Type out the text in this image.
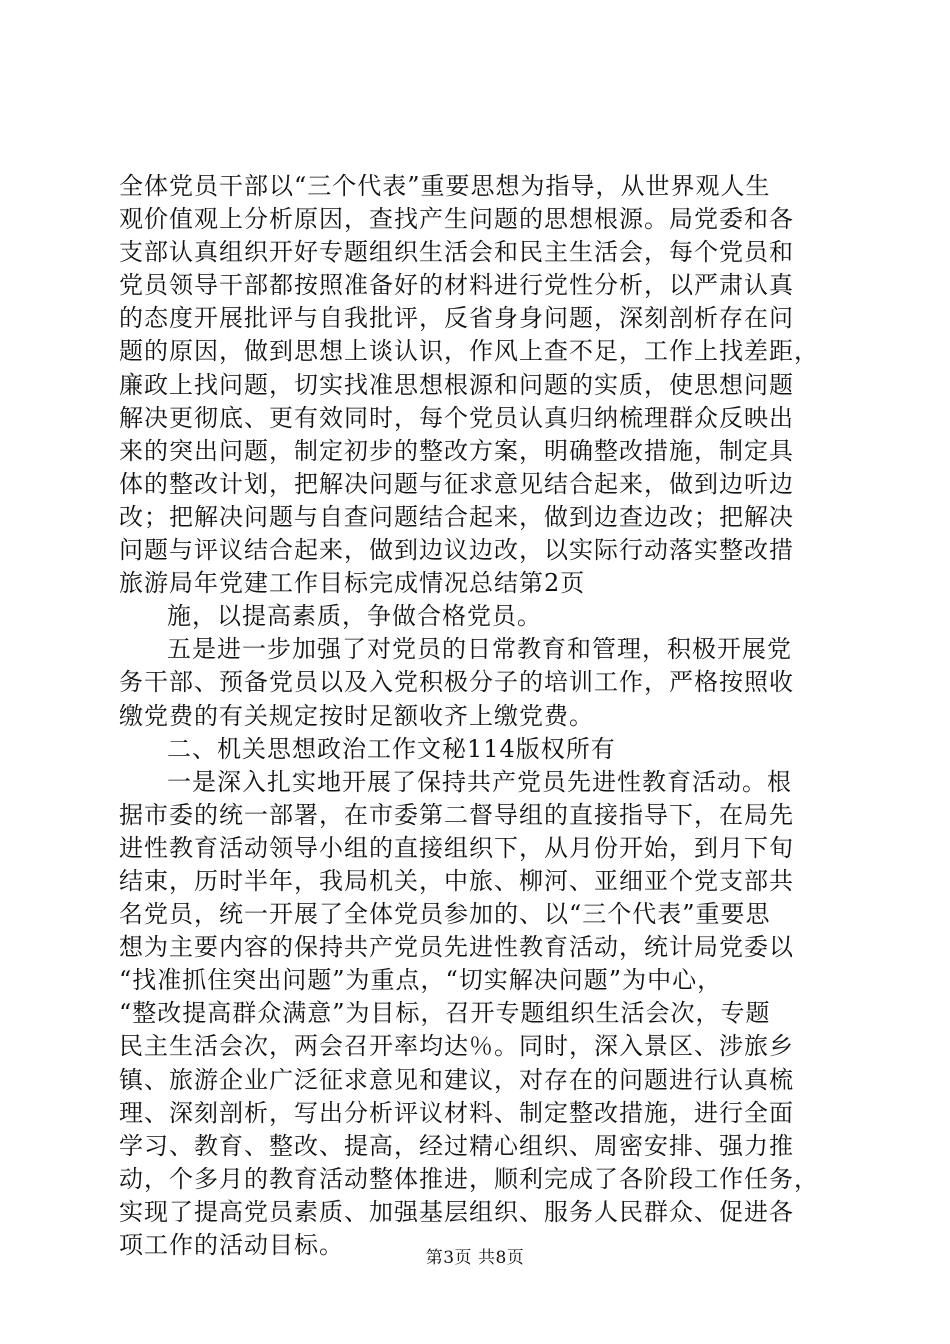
全体党员干部以“三个代表”重要思想为指导，从世界观人生
观价值观上分析原因，查找产生问题的思想根源。局党委和各
支部认真组织开好专题组织生活会和民主生活会，每个党员和
党员领导干部都按照准备好的材料进行党性分析，以严肃认真
的态度开展批评与自我批评，反省身身问题，深刻剖析存在问
题的原因，做到思想上谈认识，作风上查不足，工作上找差距，
廉政上找问题，切实找准思想根源和问题的实质，使思想问题
解决更彻底、更有效同时，每个党员认真归纳梳理群众反映出
来的突出问题，制定初步的整改方案，明确整改措施，制定具
体的整改计划，把解决问题与征求意见结合起来，做到边听边
改；把解决问题与自查问题结合起来，做到边查边改；把解决
问题与评议结合起来，做到边议边改，以实际行动落实整改措
旅游局年党建工作目标完成情况总结第2页
施，以提高素质，争做合格党员。
五是进一步加强了对党员的日常教育和管理，积极开展党
务干部、预备党员以及入党积极分子的培训工作，严格按照收
缴党费的有关规定按时足额收齐上缴党费。
二、机关思想政治工作文秘114版权所有
一是深入扎实地开展了保持共产党员先进性教育活动。根
据市委的统一部署，在市委第二督导组的直接指导下，在局先
进性教育活动领导小组的直接组织下，从月份开始，到月下旬
结束，历时半年，我局机关，中旅、柳河、亚细亚个党支部共
名党员，统一开展了全体党员参加的、以“三个代表”重要思
想为主要内容的保持共产党员先进性教育活动，统计局党委以
“找准抓住突出问题”为重点，“切实解决问题”为中心，
“整改提高群众满意”为目标，召开专题组织生活会次，专题
民主生活会次，两会召开率均达％。同时，深入景区、涉旅乡
镇、旅游企业广泛征求意见和建议，对存在的问题进行认真梳
理、深刻剖析，写出分析评议材料、制定整改措施，进行全面
学习、教育、整改、提高，经过精心组织、周密安排、强力推
动，个多月的教育活动整体推进，顺利完成了各阶段工作任务，
实现了提高党员素质、加强基层组织、服务人民群众、促进各
项工作的活动目标。	第3页 共8页
